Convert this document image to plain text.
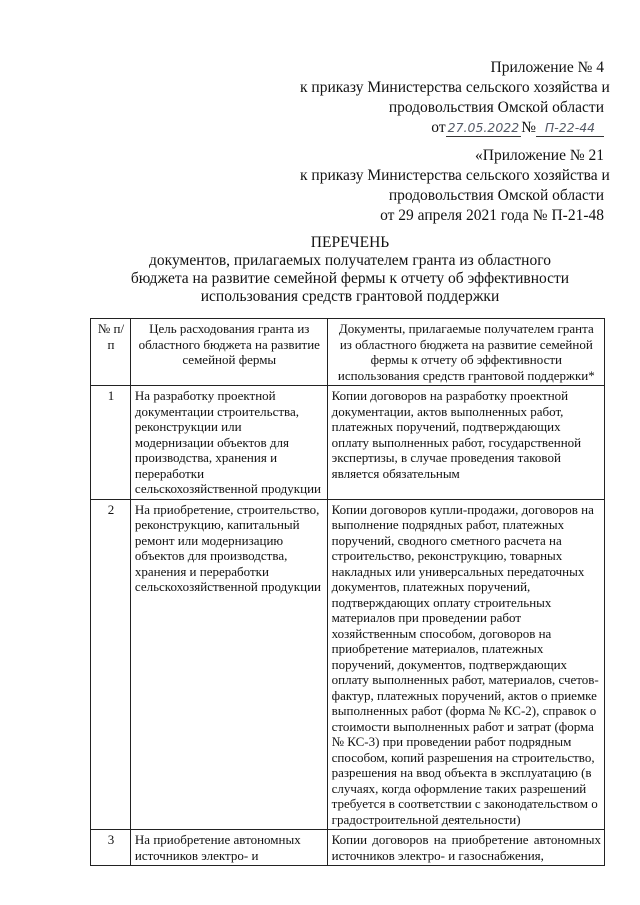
Приложение № 4
к приказу Министерства сельского хозяйства и
продовольствия Омской области
от 27.05.2022 № П-22-44
«Приложение № 21
к приказу Министерства сельского хозяйства и
продовольствия Омской области
от 29 апреля 2021 года № П-21-48
ПЕРЕЧЕНЬ
документов, прилагаемых получателем гранта из областного
бюджета на развитие семейной фермы к отчету об эффективности
использования средств грантовой поддержки
№ п/п	Цель расходования гранта из областного бюджета на развитие семейной фермы	Документы, прилагаемые получателем гранта из областного бюджета на развитие семейной фермы к отчету об эффективности использования средств грантовой поддержки*
1	На разработку проектной документации строительства, реконструкции или модернизации объектов для производства, хранения и переработки сельскохозяйственной продукции	Копии договоров на разработку проектной документации, актов выполненных работ, платежных поручений, подтверждающих оплату выполненных работ, государственной экспертизы, в случае проведения таковой является обязательным
2	На приобретение, строительство, реконструкцию, капитальный ремонт или модернизацию объектов для производства, хранения и переработки сельскохозяйственной продукции	Копии договоров купли-продажи, договоров на выполнение подрядных работ, платежных поручений, сводного сметного расчета на строительство, реконструкцию, товарных накладных или универсальных передаточных документов, платежных поручений, подтверждающих оплату строительных материалов при проведении работ хозяйственным способом, договоров на приобретение материалов, платежных поручений, документов, подтверждающих оплату выполненных работ, материалов, счетов-фактур, платежных поручений, актов о приемке выполненных работ (форма № КС-2), справок о стоимости выполненных работ и затрат (форма № КС-3) при проведении работ подрядным способом, копий разрешения на строительство, разрешения на ввод объекта в эксплуатацию (в случаях, когда оформление таких разрешений требуется в соответствии с законодательством о градостроительной деятельности)
3	На приобретение автономных источников электро- и	Копии договоров на приобретение автономных источников электро- и газоснабжения,
